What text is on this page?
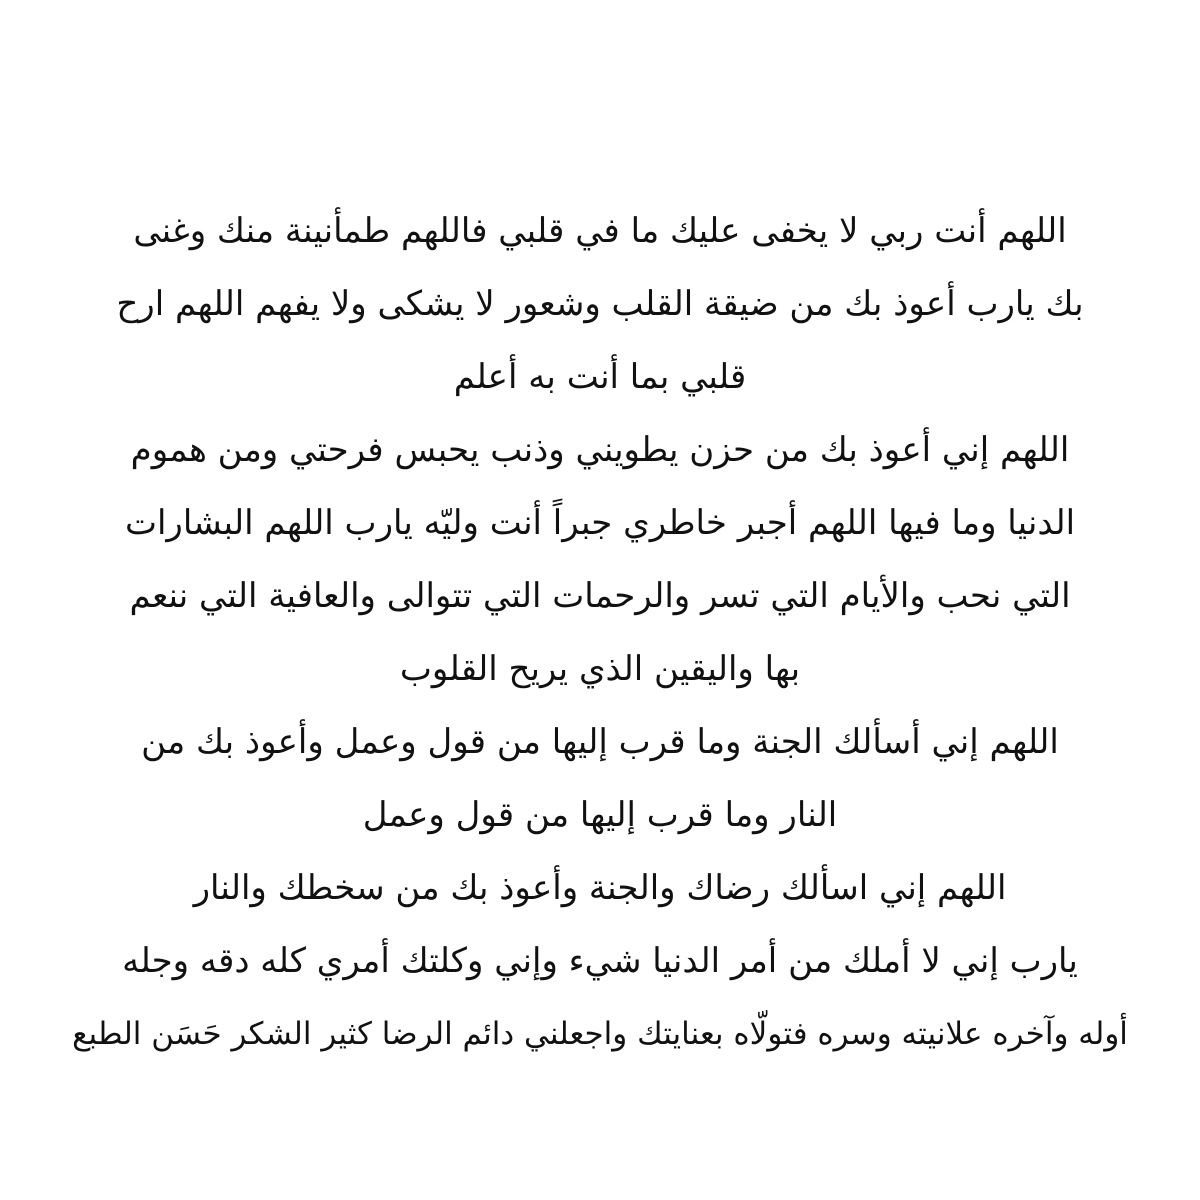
اللهم أنت ربي لا يخفى عليك ما في قلبي فاللهم طمأنينة منك وغنى
بك يارب أعوذ بك من ضيقة القلب وشعور لا يشكى ولا يفهم اللهم ارح
قلبي بما أنت به أعلم
اللهم إني أعوذ بك من حزن يطويني وذنب يحبس فرحتي ومن هموم
الدنيا وما فيها اللهم أجبر خاطري جبراً أنت وليّه يارب اللهم البشارات
التي نحب والأيام التي تسر والرحمات التي تتوالى والعافية التي ننعم
بها واليقين الذي يريح القلوب
اللهم إني أسألك الجنة وما قرب إليها من قول وعمل وأعوذ بك من
النار وما قرب إليها من قول وعمل
اللهم إني اسألك رضاك والجنة وأعوذ بك من سخطك والنار
يارب إني لا أملك من أمر الدنيا شيء وإني وكلتك أمري كله دقه وجله
أوله وآخره علانيته وسره فتولّاه بعنايتك واجعلني دائم الرضا كثير الشكر حَسَن الطبع
